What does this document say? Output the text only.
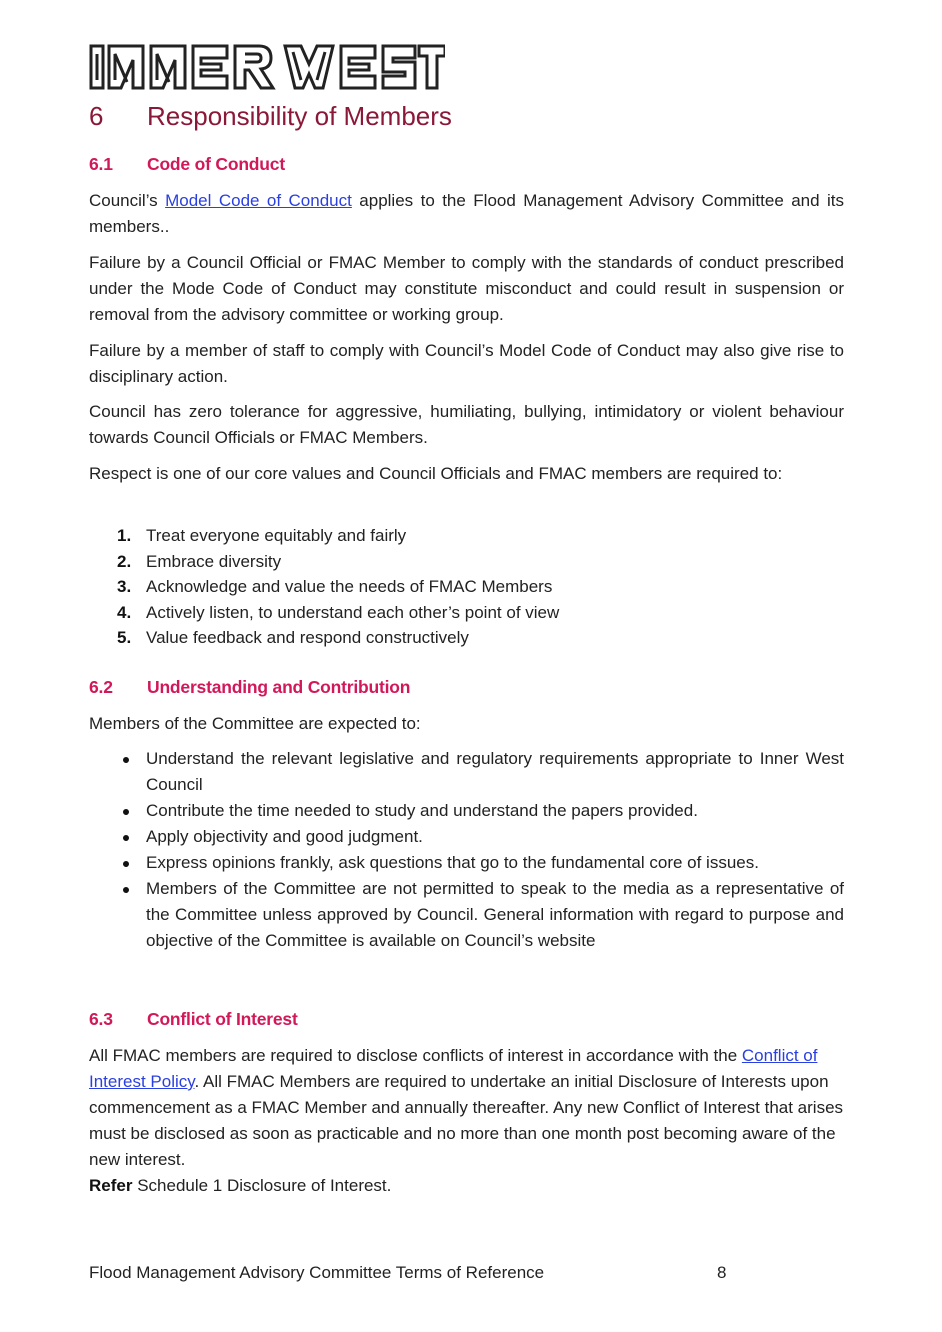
6 Responsibility of Members
6.1 Code of Conduct

Council’s Model Code of Conduct applies to the Flood Management Advisory Committee and its members..

Failure by a Council Official or FMAC Member to comply with the standards of conduct prescribed under the Mode Code of Conduct may constitute misconduct and could result in suspension or removal from the advisory committee or working group.

Failure by a member of staff to comply with Council’s Model Code of Conduct may also give rise to disciplinary action.

Council has zero tolerance for aggressive, humiliating, bullying, intimidatory or violent behaviour towards Council Officials or FMAC Members.

Respect is one of our core values and Council Officials and FMAC members are required to:

1. Treat everyone equitably and fairly
2. Embrace diversity
3. Acknowledge and value the needs of FMAC Members
4. Actively listen, to understand each other’s point of view
5. Value feedback and respond constructively
6.2 Understanding and Contribution

Members of the Committee are expected to:

Understand the relevant legislative and regulatory requirements appropriate to Inner West Council
Contribute the time needed to study and understand the papers provided.
Apply objectivity and good judgment.
Express opinions frankly, ask questions that go to the fundamental core of issues.
Members of the Committee are not permitted to speak to the media as a representative of the Committee unless approved by Council. General information with regard to purpose and objective of the Committee is available on Council’s website
6.3 Conflict of Interest

All FMAC members are required to disclose conflicts of interest in accordance with the Conflict of Interest Policy. All FMAC Members are required to undertake an initial Disclosure of Interests upon commencement as a FMAC Member and annually thereafter. Any new Conflict of Interest that arises must be disclosed as soon as practicable and no more than one month post becoming aware of the new interest.
Refer Schedule 1 Disclosure of Interest.

Flood Management Advisory Committee Terms of Reference	8
